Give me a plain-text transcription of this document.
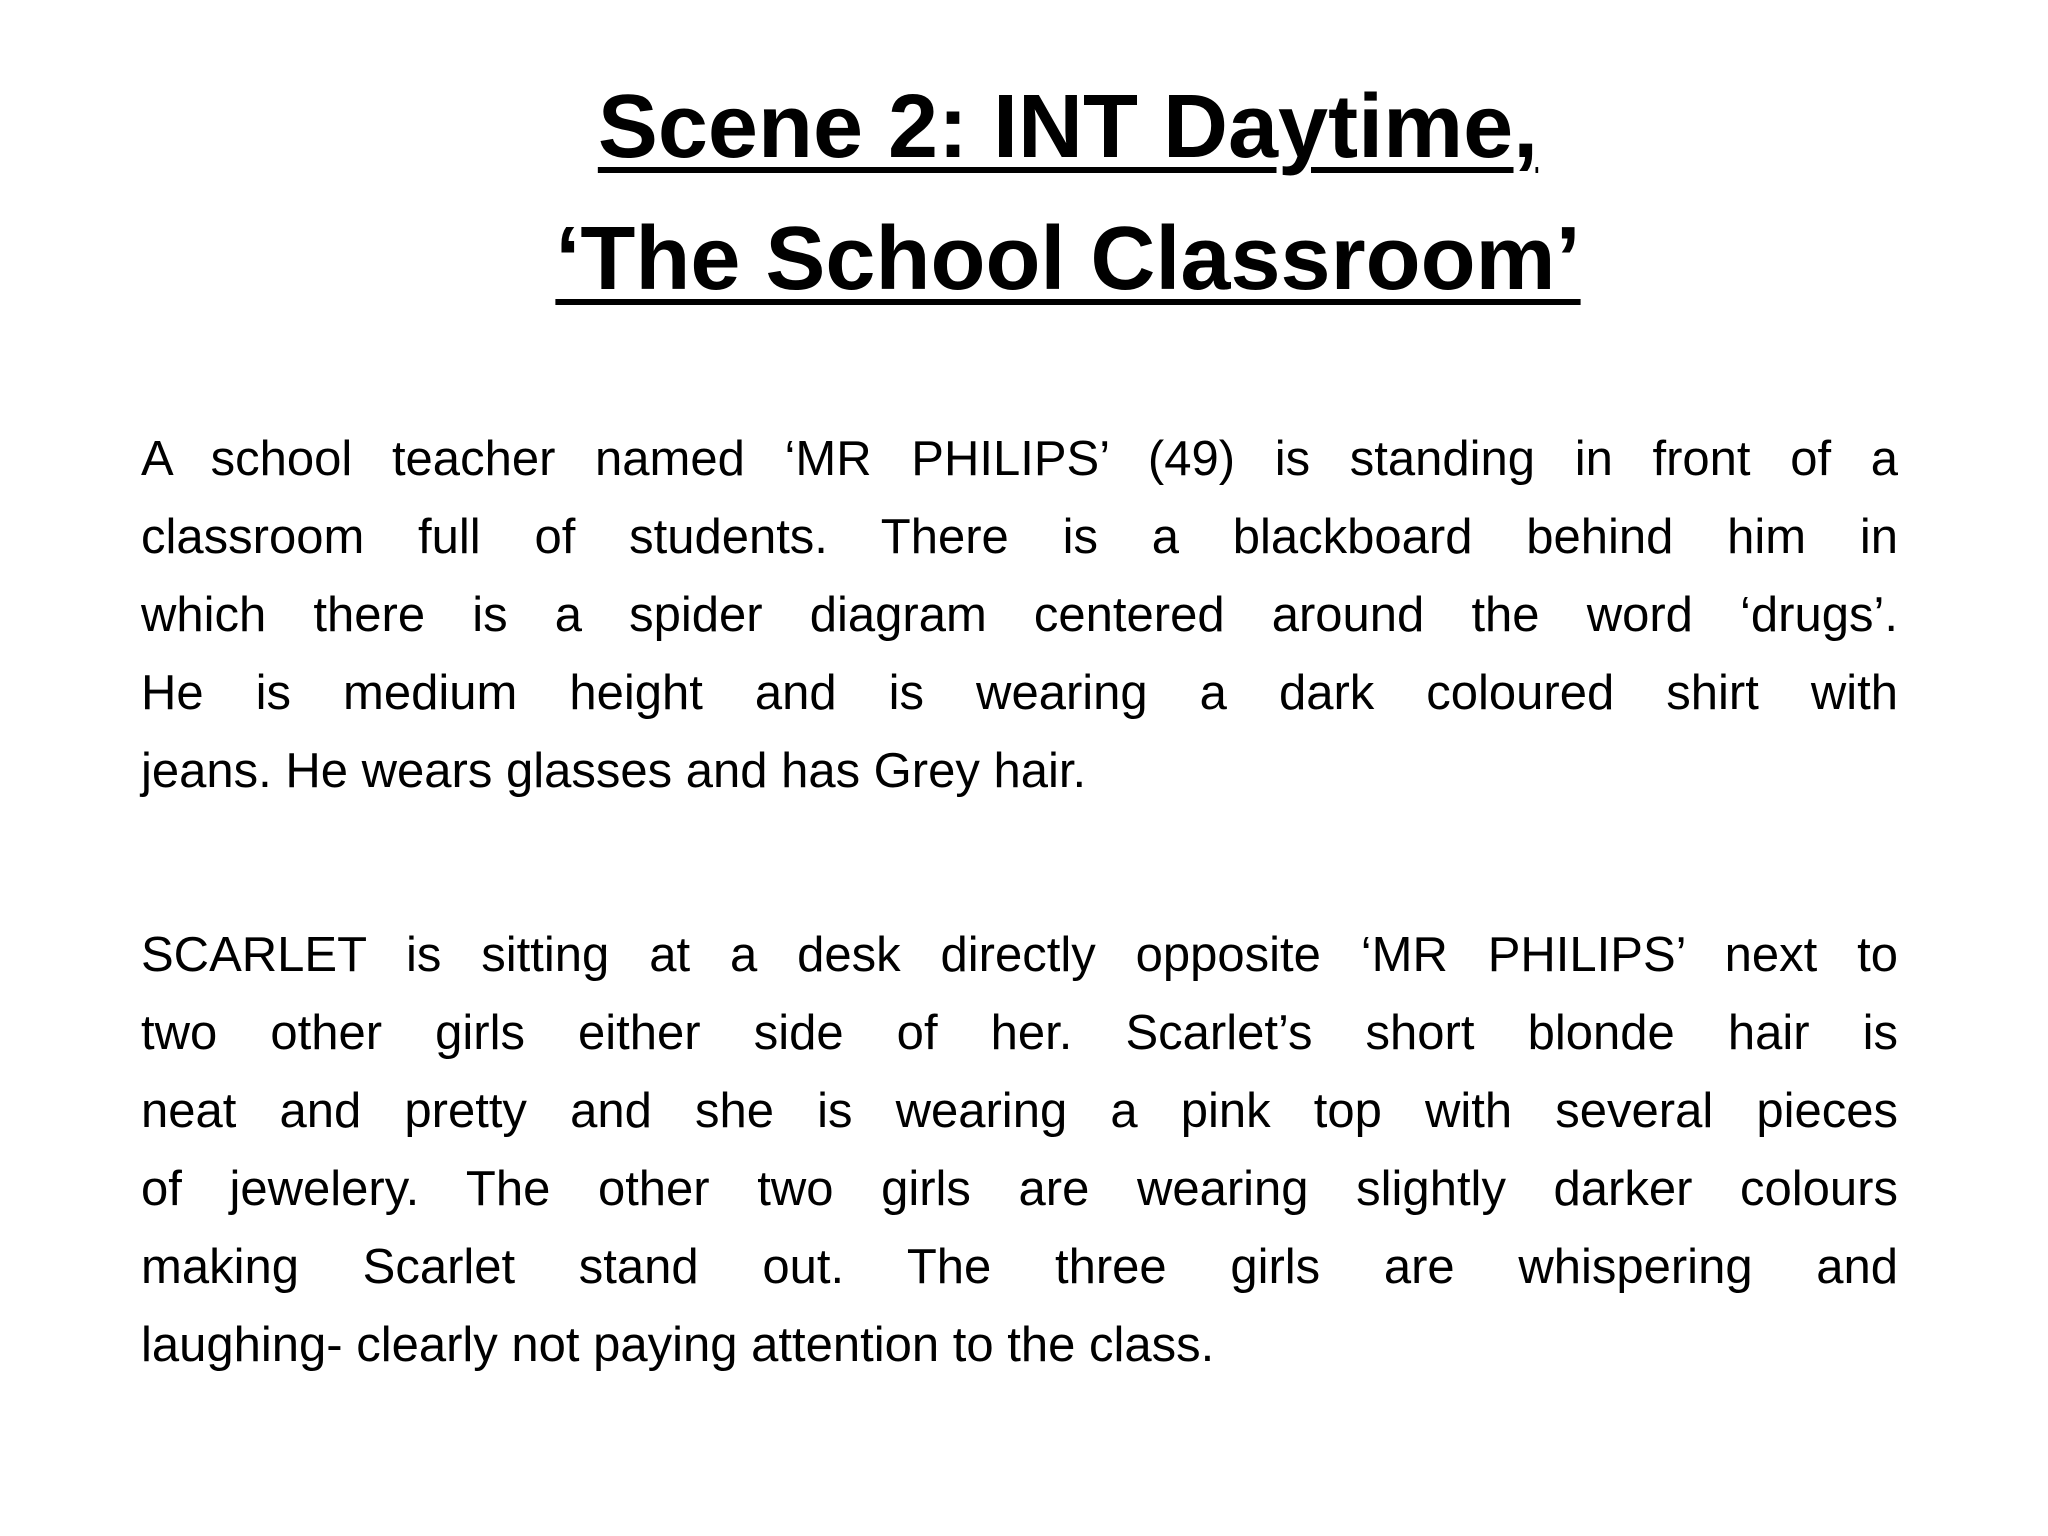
Scene 2: INT Daytime,
‘The School Classroom’
A school teacher named ‘MR PHILIPS’ (49) is standing in front of a
classroom full of students. There is a blackboard behind him in
which there is a spider diagram centered around the word ‘drugs’.
He is medium height and is wearing a dark coloured shirt with
jeans. He wears glasses and has Grey hair.
SCARLET is sitting at a desk directly opposite ‘MR PHILIPS’ next to
two other girls either side of her. Scarlet’s short blonde hair is
neat and pretty and she is wearing a pink top with several pieces
of jewelery. The other two girls are wearing slightly darker colours
making Scarlet stand out. The three girls are whispering and
laughing- clearly not paying attention to the class.
